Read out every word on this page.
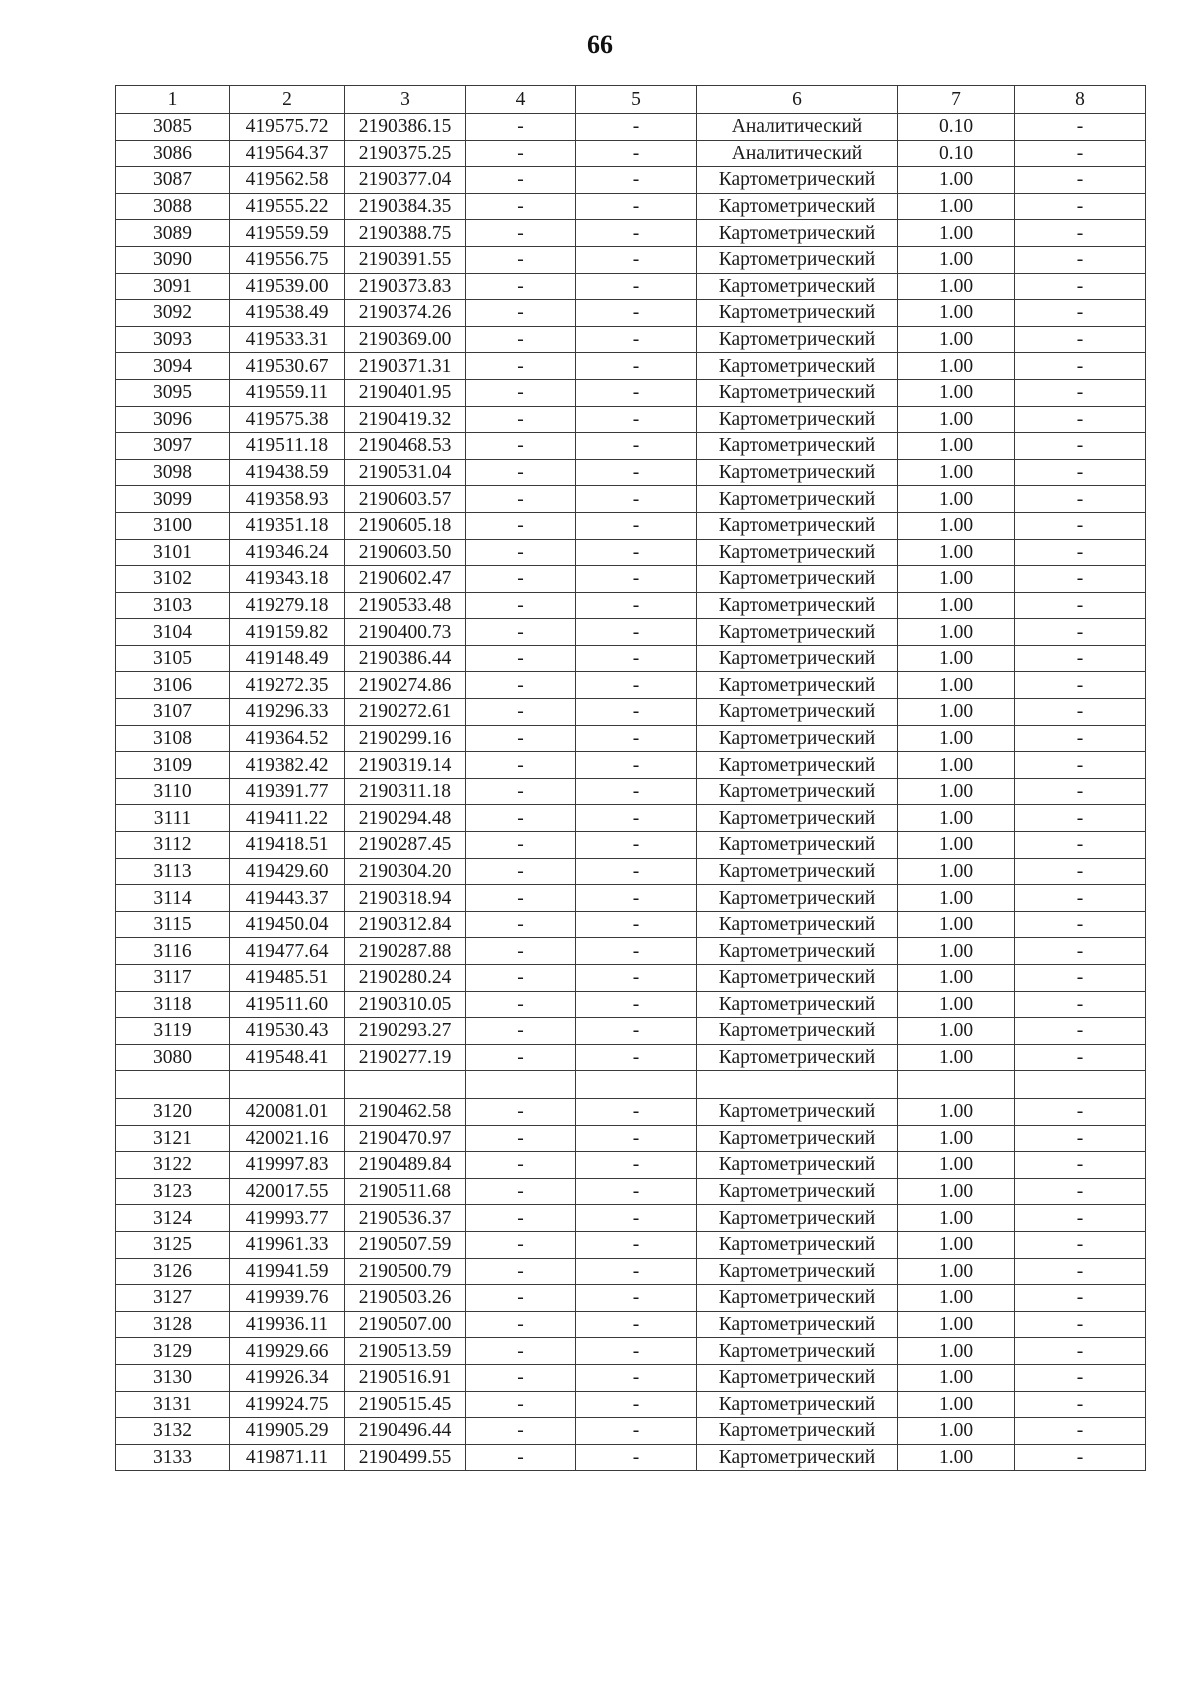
66
1	2	3	4	5	6	7	8
3085	419575.72	2190386.15	-	-	Аналитический	0.10	-
3086	419564.37	2190375.25	-	-	Аналитический	0.10	-
3087	419562.58	2190377.04	-	-	Картометрический	1.00	-
3088	419555.22	2190384.35	-	-	Картометрический	1.00	-
3089	419559.59	2190388.75	-	-	Картометрический	1.00	-
3090	419556.75	2190391.55	-	-	Картометрический	1.00	-
3091	419539.00	2190373.83	-	-	Картометрический	1.00	-
3092	419538.49	2190374.26	-	-	Картометрический	1.00	-
3093	419533.31	2190369.00	-	-	Картометрический	1.00	-
3094	419530.67	2190371.31	-	-	Картометрический	1.00	-
3095	419559.11	2190401.95	-	-	Картометрический	1.00	-
3096	419575.38	2190419.32	-	-	Картометрический	1.00	-
3097	419511.18	2190468.53	-	-	Картометрический	1.00	-
3098	419438.59	2190531.04	-	-	Картометрический	1.00	-
3099	419358.93	2190603.57	-	-	Картометрический	1.00	-
3100	419351.18	2190605.18	-	-	Картометрический	1.00	-
3101	419346.24	2190603.50	-	-	Картометрический	1.00	-
3102	419343.18	2190602.47	-	-	Картометрический	1.00	-
3103	419279.18	2190533.48	-	-	Картометрический	1.00	-
3104	419159.82	2190400.73	-	-	Картометрический	1.00	-
3105	419148.49	2190386.44	-	-	Картометрический	1.00	-
3106	419272.35	2190274.86	-	-	Картометрический	1.00	-
3107	419296.33	2190272.61	-	-	Картометрический	1.00	-
3108	419364.52	2190299.16	-	-	Картометрический	1.00	-
3109	419382.42	2190319.14	-	-	Картометрический	1.00	-
3110	419391.77	2190311.18	-	-	Картометрический	1.00	-
3111	419411.22	2190294.48	-	-	Картометрический	1.00	-
3112	419418.51	2190287.45	-	-	Картометрический	1.00	-
3113	419429.60	2190304.20	-	-	Картометрический	1.00	-
3114	419443.37	2190318.94	-	-	Картометрический	1.00	-
3115	419450.04	2190312.84	-	-	Картометрический	1.00	-
3116	419477.64	2190287.88	-	-	Картометрический	1.00	-
3117	419485.51	2190280.24	-	-	Картометрический	1.00	-
3118	419511.60	2190310.05	-	-	Картометрический	1.00	-
3119	419530.43	2190293.27	-	-	Картометрический	1.00	-
3080	419548.41	2190277.19	-	-	Картометрический	1.00	-

3120	420081.01	2190462.58	-	-	Картометрический	1.00	-
3121	420021.16	2190470.97	-	-	Картометрический	1.00	-
3122	419997.83	2190489.84	-	-	Картометрический	1.00	-
3123	420017.55	2190511.68	-	-	Картометрический	1.00	-
3124	419993.77	2190536.37	-	-	Картометрический	1.00	-
3125	419961.33	2190507.59	-	-	Картометрический	1.00	-
3126	419941.59	2190500.79	-	-	Картометрический	1.00	-
3127	419939.76	2190503.26	-	-	Картометрический	1.00	-
3128	419936.11	2190507.00	-	-	Картометрический	1.00	-
3129	419929.66	2190513.59	-	-	Картометрический	1.00	-
3130	419926.34	2190516.91	-	-	Картометрический	1.00	-
3131	419924.75	2190515.45	-	-	Картометрический	1.00	-
3132	419905.29	2190496.44	-	-	Картометрический	1.00	-
3133	419871.11	2190499.55	-	-	Картометрический	1.00	-
